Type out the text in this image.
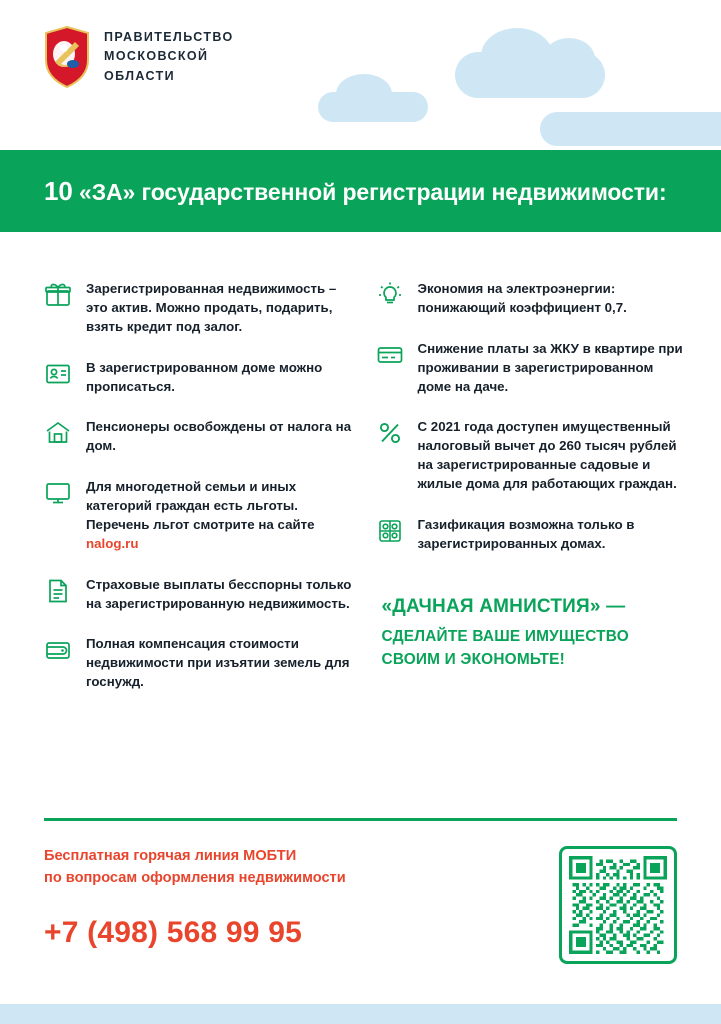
ПРАВИТЕЛЬСТВО
МОСКОВСКОЙ
ОБЛАСТИ
10 «ЗА» государственной регистрации недвижимости:
Зарегистрированная недвижимость – это актив. Можно продать, подарить, взять кредит под залог.
В зарегистрированном доме можно прописаться.
Пенсионеры освобождены от налога на дом.
Для многодетной семьи и иных категорий граждан есть льготы. Перечень льгот смотрите на сайте nalog.ru
Страховые выплаты бесспорны только на зарегистрированную недвижимость.
Полная компенсация стоимости недвижимости при изъятии земель для госнужд.
Экономия на электроэнергии: понижающий коэффициент 0,7.
Снижение платы за ЖКУ в квартире при проживании в зарегистрированном доме на даче.
С 2021 года доступен имущественный налоговый вычет до 260 тысяч рублей на зарегистрированные садовые и жилые дома для работающих граждан.
Газификация возможна только в зарегистрированных домах.
«ДАЧНАЯ АМНИСТИЯ» —
СДЕЛАЙТЕ ВАШЕ ИМУЩЕСТВО СВОИМ И ЭКОНОМЬТЕ!
Бесплатная горячая линия МОБТИ
по вопросам оформления недвижимости
+7 (498) 568 99 95
